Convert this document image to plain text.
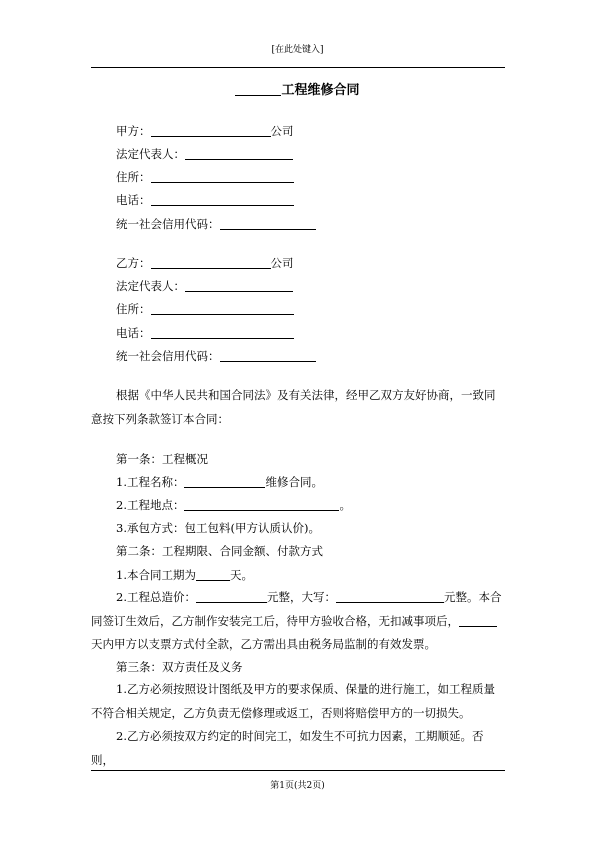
[在此处键入]
工程维修合同
甲方：	公司
法定代表人：
住所：
电话：
统一社会信用代码：
乙方：	公司
法定代表人：
住所：
电话：
统一社会信用代码：
根据《中华人民共和国合同法》及有关法律，经甲乙双方友好协商，一致同意按下列条款签订本合同：
第一条：工程概况
1.工程名称：	维修合同。
2.工程地点：	。
3.承包方式：包工包料(甲方认质认价)。
第二条：工程期限、合同金额、付款方式
1.本合同工期为	天。
2.工程总造价：	元整，大写：	元整。本合同签订生效后，乙方制作安装完工后，待甲方验收合格，无扣减事项后，天内甲方以支票方式付全款，乙方需出具由税务局监制的有效发票。
第三条：双方责任及义务
1.乙方必须按照设计图纸及甲方的要求保质、保量的进行施工，如工程质量不符合相关规定，乙方负责无偿修理或返工，否则将赔偿甲方的一切损失。
2.乙方必须按双方约定的时间完工，如发生不可抗力因素，工期顺延。否则，
第1页(共2页)
